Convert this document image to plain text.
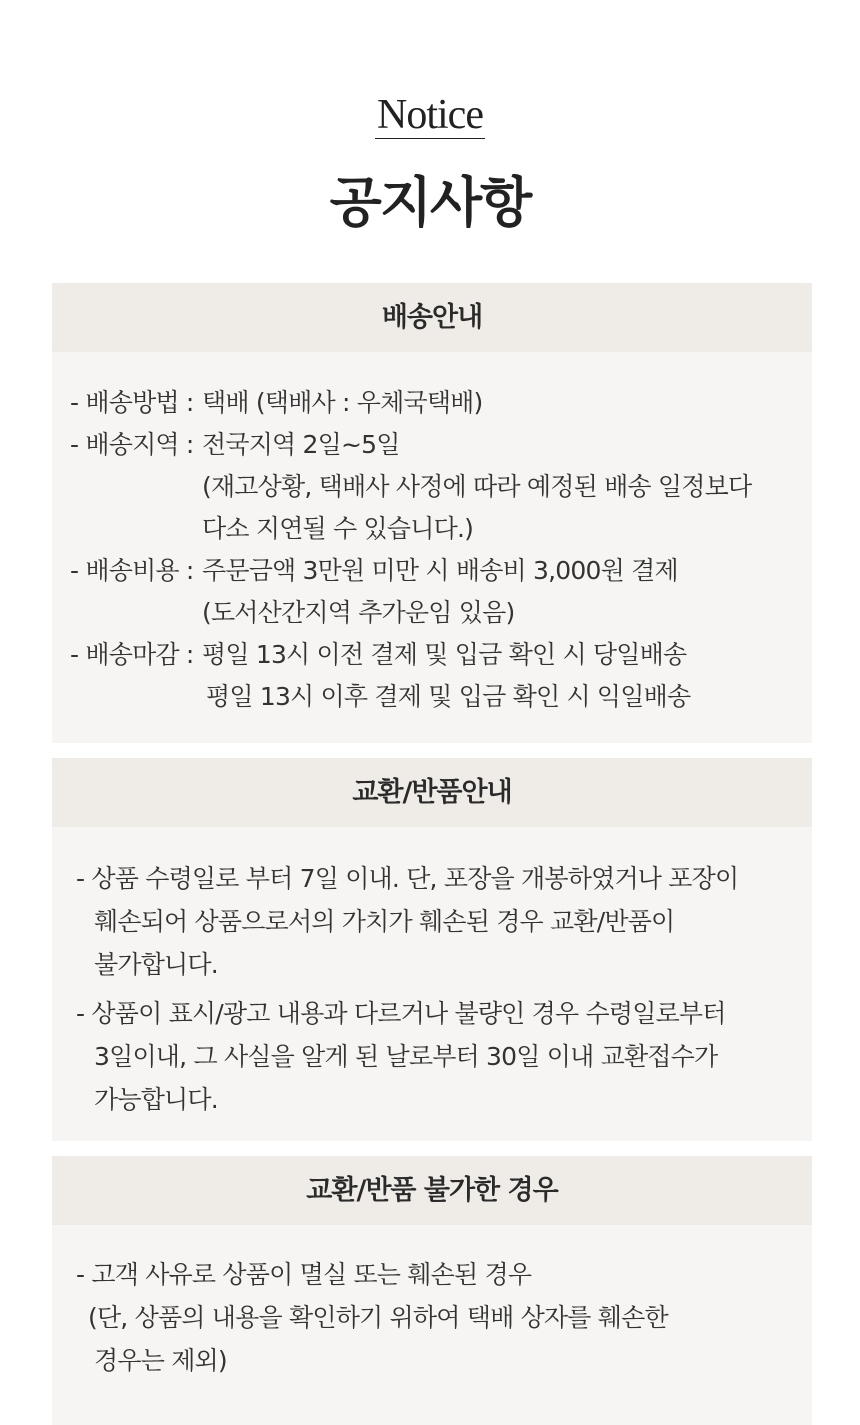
Notice
공지사항
배송안내
- 배송방법 : 택배 (택배사 : 우체국택배)
- 배송지역 : 전국지역 2일~5일
(재고상황, 택배사 사정에 따라 예정된 배송 일정보다
다소 지연될 수 있습니다.)
- 배송비용 : 주문금액 3만원 미만 시 배송비 3,000원 결제
(도서산간지역 추가운임 있음)
- 배송마감 : 평일 13시 이전 결제 및 입금 확인 시 당일배송
평일 13시 이후 결제 및 입금 확인 시 익일배송
교환/반품안내
- 상품 수령일로 부터 7일 이내. 단, 포장을 개봉하였거나 포장이
훼손되어 상품으로서의 가치가 훼손된 경우 교환/반품이
불가합니다.
- 상품이 표시/광고 내용과 다르거나 불량인 경우 수령일로부터
3일이내, 그 사실을 알게 된 날로부터 30일 이내 교환접수가
가능합니다.
교환/반품 불가한 경우
- 고객 사유로 상품이 멸실 또는 훼손된 경우
(단, 상품의 내용을 확인하기 위하여 택배 상자를 훼손한
경우는 제외)
